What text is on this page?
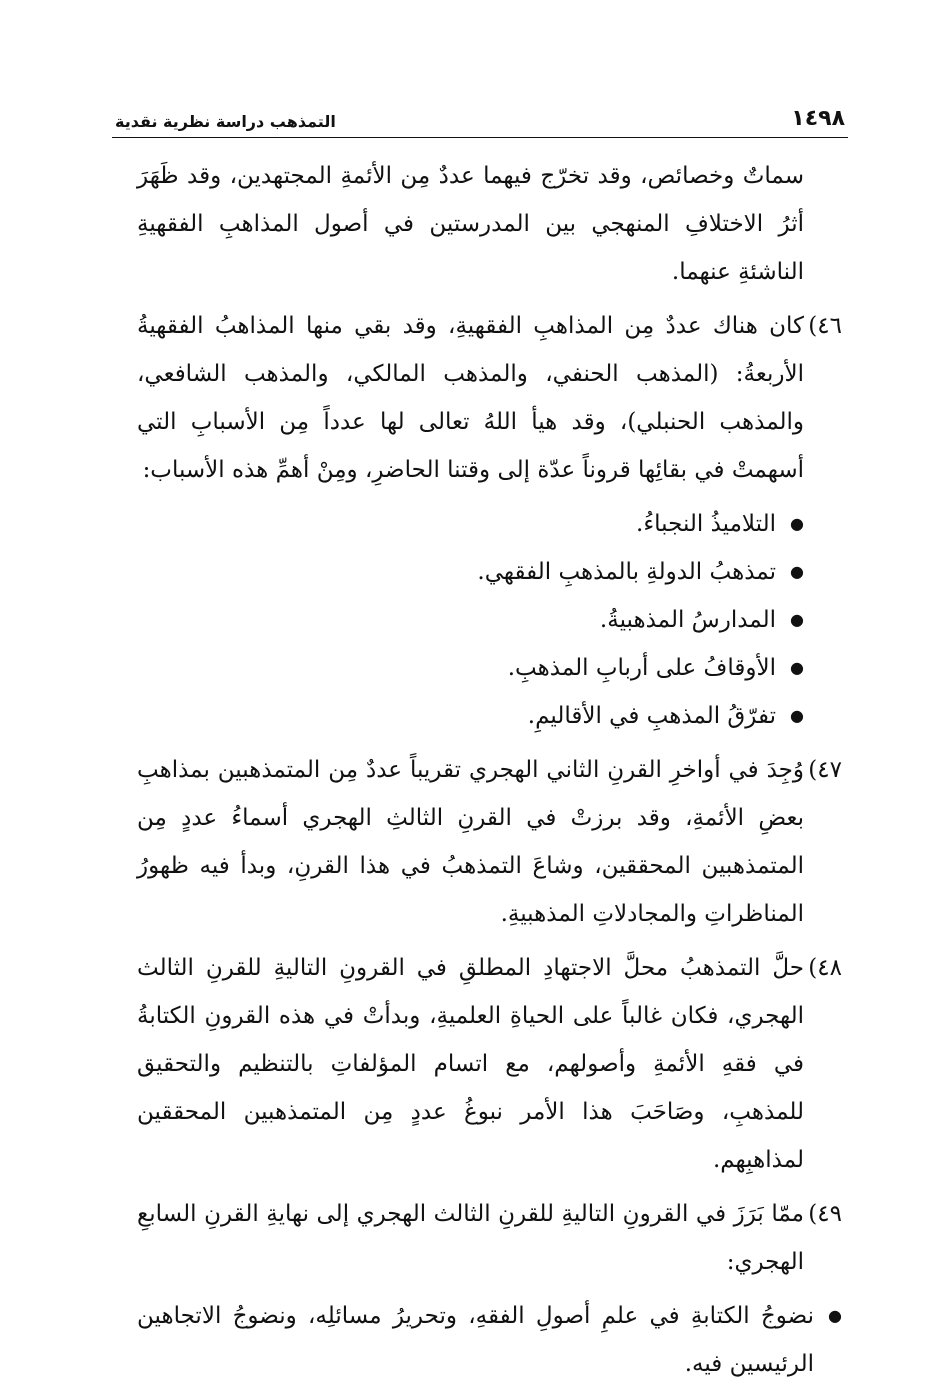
١٤٩٨
التمذهب دراسة نظرية نقدية

سماتٌ وخصائص، وقد تخرّج فيهما عددٌ مِن الأئمةِ المجتهدين، وقد ظَهَرَ أثرُ الاختلافِ المنهجي بين المدرستين في أصول المذاهبِ الفقهيةِ الناشئةِ عنهما.

٤٦)
كان هناك عددٌ مِن المذاهبِ الفقهيةِ، وقد بقي منها المذاهبُ الفقهيةُ الأربعةُ: (المذهب الحنفي، والمذهب المالكي، والمذهب الشافعي، والمذهب الحنبلي)، وقد هيأ اللهُ تعالى لها عدداً مِن الأسبابِ التي أسهمتْ في بقائِها قروناً عدّة إلى وقتنا الحاضرِ، ومِنْ أهمِّ هذه الأسباب:
●
التلاميذُ النجباءُ.
●
تمذهبُ الدولةِ بالمذهبِ الفقهي.
●
المدارسُ المذهبيةُ.
●
الأوقافُ على أربابِ المذهبِ.
●
تفرّقُ المذهبِ في الأقاليمِ.
٤٧)
وُجِدَ في أواخرِ القرنِ الثاني الهجري تقريباً عددٌ مِن المتمذهبين بمذاهبِ بعضِ الأئمةِ، وقد برزتْ في القرنِ الثالثِ الهجري أسماءُ عددٍ مِن المتمذهبين المحققين، وشاعَ التمذهبُ في هذا القرنِ، وبدأ فيه ظهورُ المناظراتِ والمجادلاتِ المذهبيةِ.
٤٨)
حلَّ التمذهبُ محلَّ الاجتهادِ المطلقِ في القرونِ التاليةِ للقرنِ الثالث الهجري، فكان غالباً على الحياةِ العلميةِ، وبدأتْ في هذه القرونِ الكتابةُ في فقهِ الأئمةِ وأصولهم، مع اتسام المؤلفاتِ بالتنظيم والتحقيق للمذهبِ، وصَاحَبَ هذا الأمر نبوغُ عددٍ مِن المتمذهبين المحققين لمذاهبِهم.
٤٩)
ممّا بَرَزَ في القرونِ التاليةِ للقرنِ الثالث الهجري إلى نهايةِ القرنِ السابعِ الهجري:
●
نضوجُ الكتابةِ في علمِ أصولِ الفقهِ، وتحريرُ مسائلِه، ونضوجُ الاتجاهين الرئيسين فيه.
